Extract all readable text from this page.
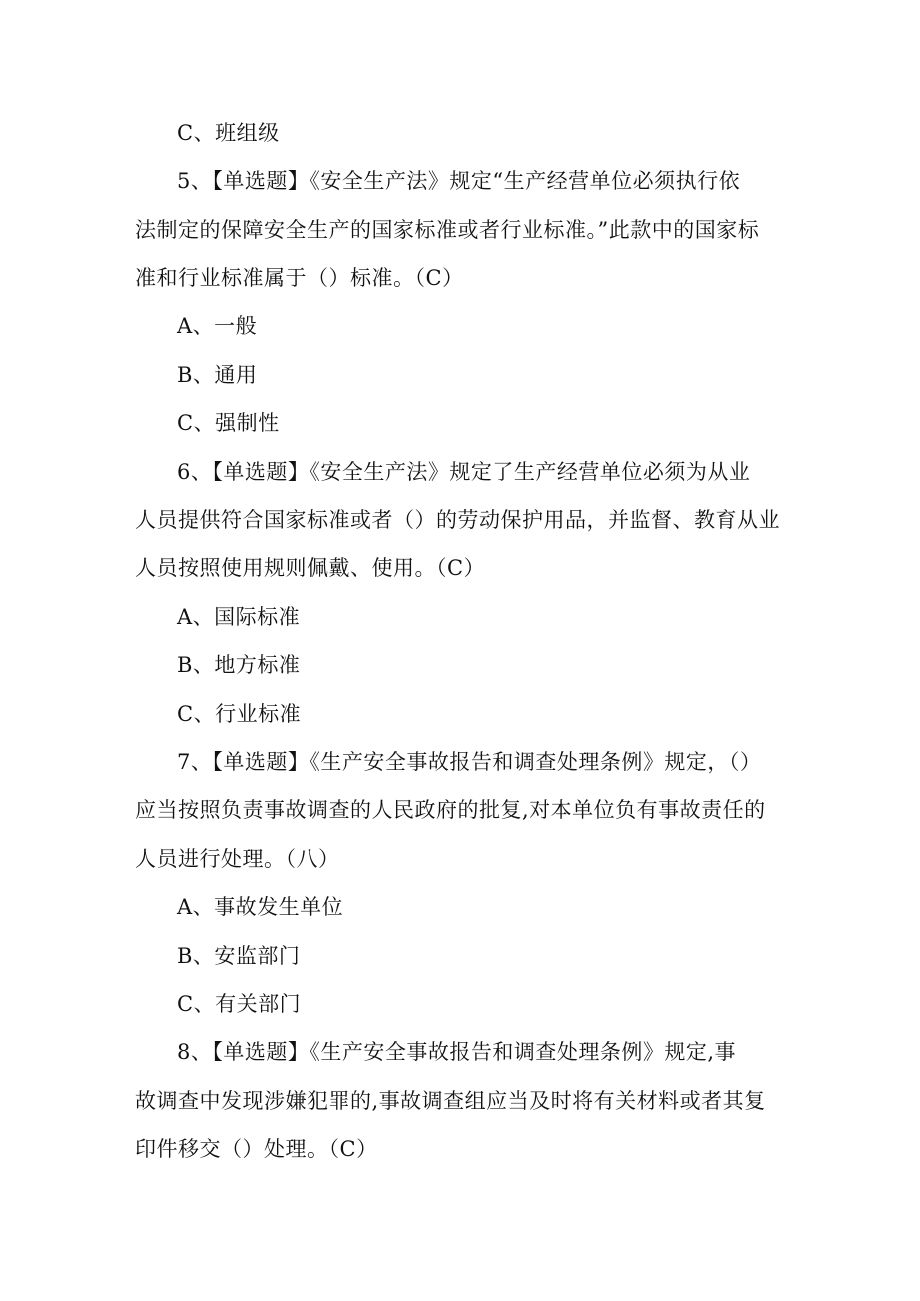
C、班组级
5、【单选题】《安全生产法》规定“生产经营单位必须执行依
法制定的保障安全生产的国家标准或者行业标准。”此款中的国家标
准和行业标准属于（）标准。（C）
A、一般
B、通用
C、强制性
6、【单选题】《安全生产法》规定了生产经营单位必须为从业
人员提供符合国家标准或者（）的劳动保护用品，并监督、教育从业
人员按照使用规则佩戴、使用。（C）
A、国际标准
B、地方标准
C、行业标准
7、【单选题】《生产安全事故报告和调查处理条例》规定，（）
应当按照负责事故调查的人民政府的批复,对本单位负有事故责任的
人员进行处理。（八）
A、事故发生单位
B、安监部门
C、有关部门
8、【单选题】《生产安全事故报告和调查处理条例》规定,事
故调查中发现涉嫌犯罪的,事故调查组应当及时将有关材料或者其复
印件移交（）处理。（C）
